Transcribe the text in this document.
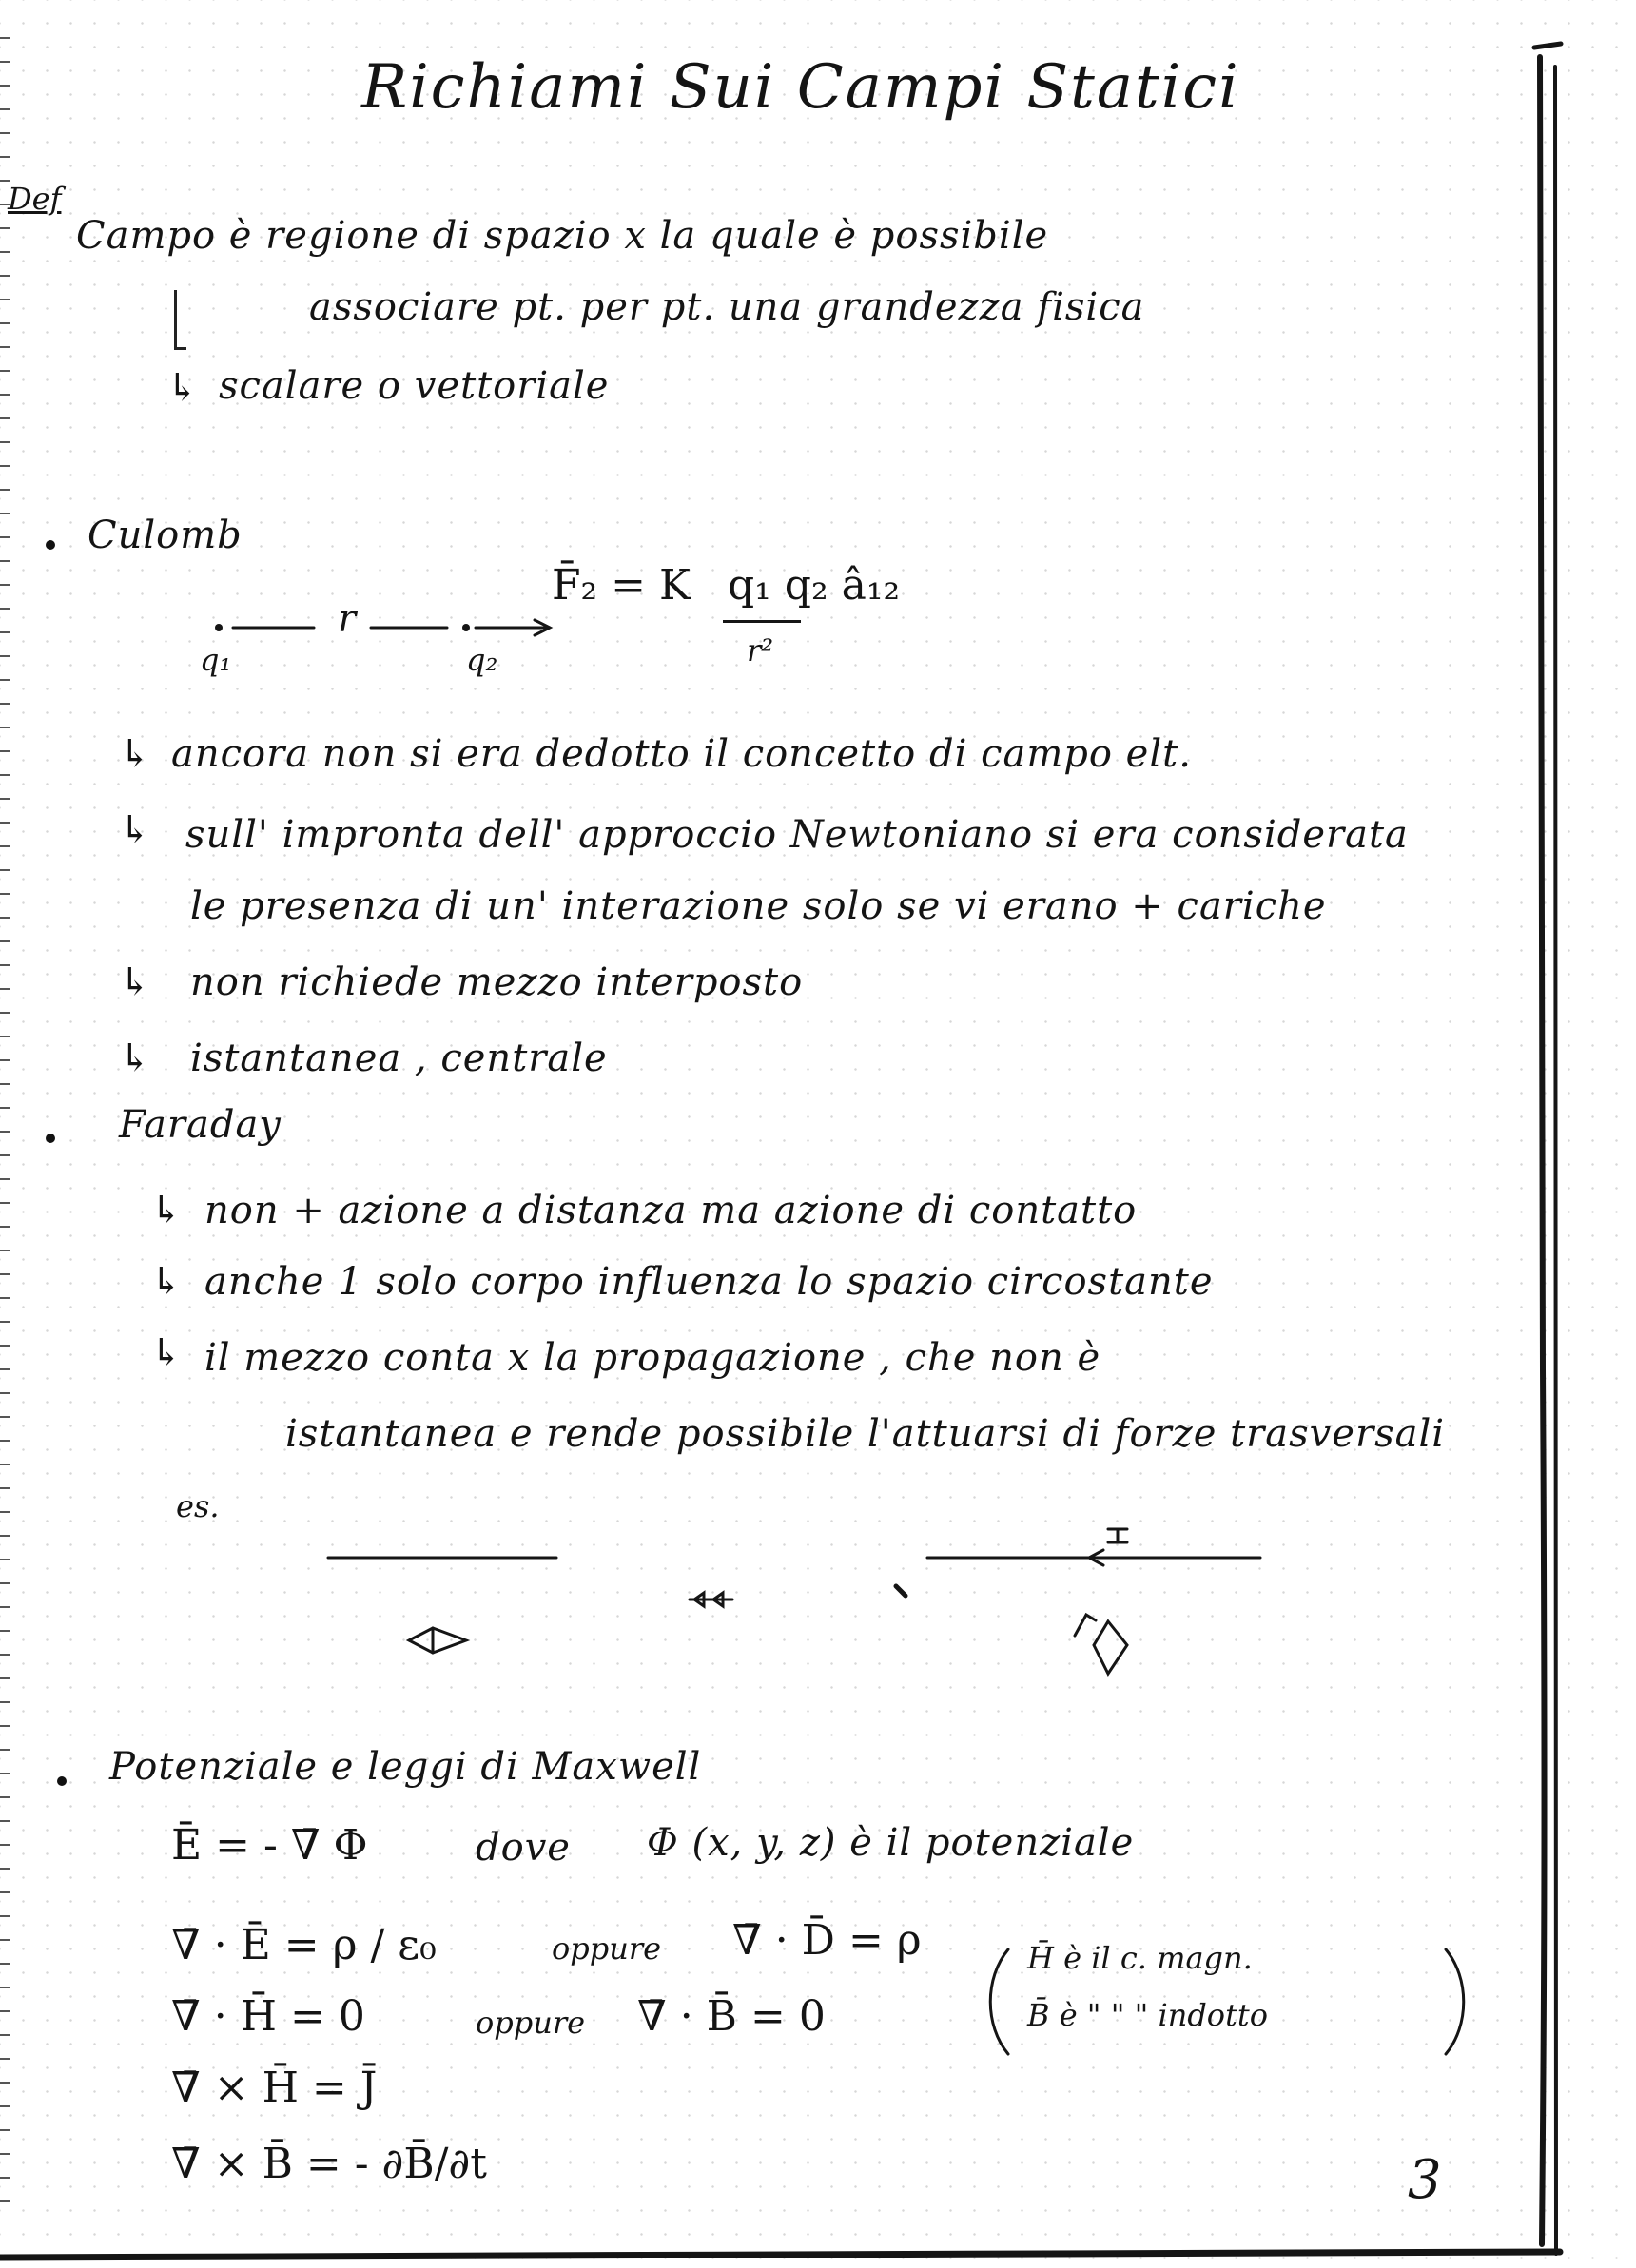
Richiami Sui Campi Statici
Def
Campo è regione di spazio x la quale è possibile
associare pt. per pt. una grandezza fisica
↳ scalare o vettoriale
Culomb
r
q₁	q₂
F̄₂ = K q₁ q₂ â₁₂
r²
↳ ancora non si era dedotto il concetto di campo elt.
↳ sull' impronta dell' approccio Newtoniano si era considerata
le presenza di un' interazione solo se vi erano + cariche
↳ non richiede mezzo interposto
↳ istantanea , centrale
Faraday
↳ non + azione a distanza ma azione di contatto
↳ anche 1 solo corpo influenza lo spazio circostante
↳ il mezzo conta x la propagazione , che non è
istantanea e rende possibile l'attuarsi di forze trasversali
es.
Potenziale e leggi di Maxwell
Ē = - ∇̄ Φ	dove Φ (x, y, z) è il potenziale
∇̄ · Ē = ρ / ε₀	oppure ∇̄ · D̄ = ρ
∇̄ · H̄ = 0	oppure ∇̄ · B̄ = 0
H̄ è il c. magn.
B̄ è " " " indotto
∇̄ × H̄ = J̄
∇̄ × B̄ = - ∂B̄/∂t	3
